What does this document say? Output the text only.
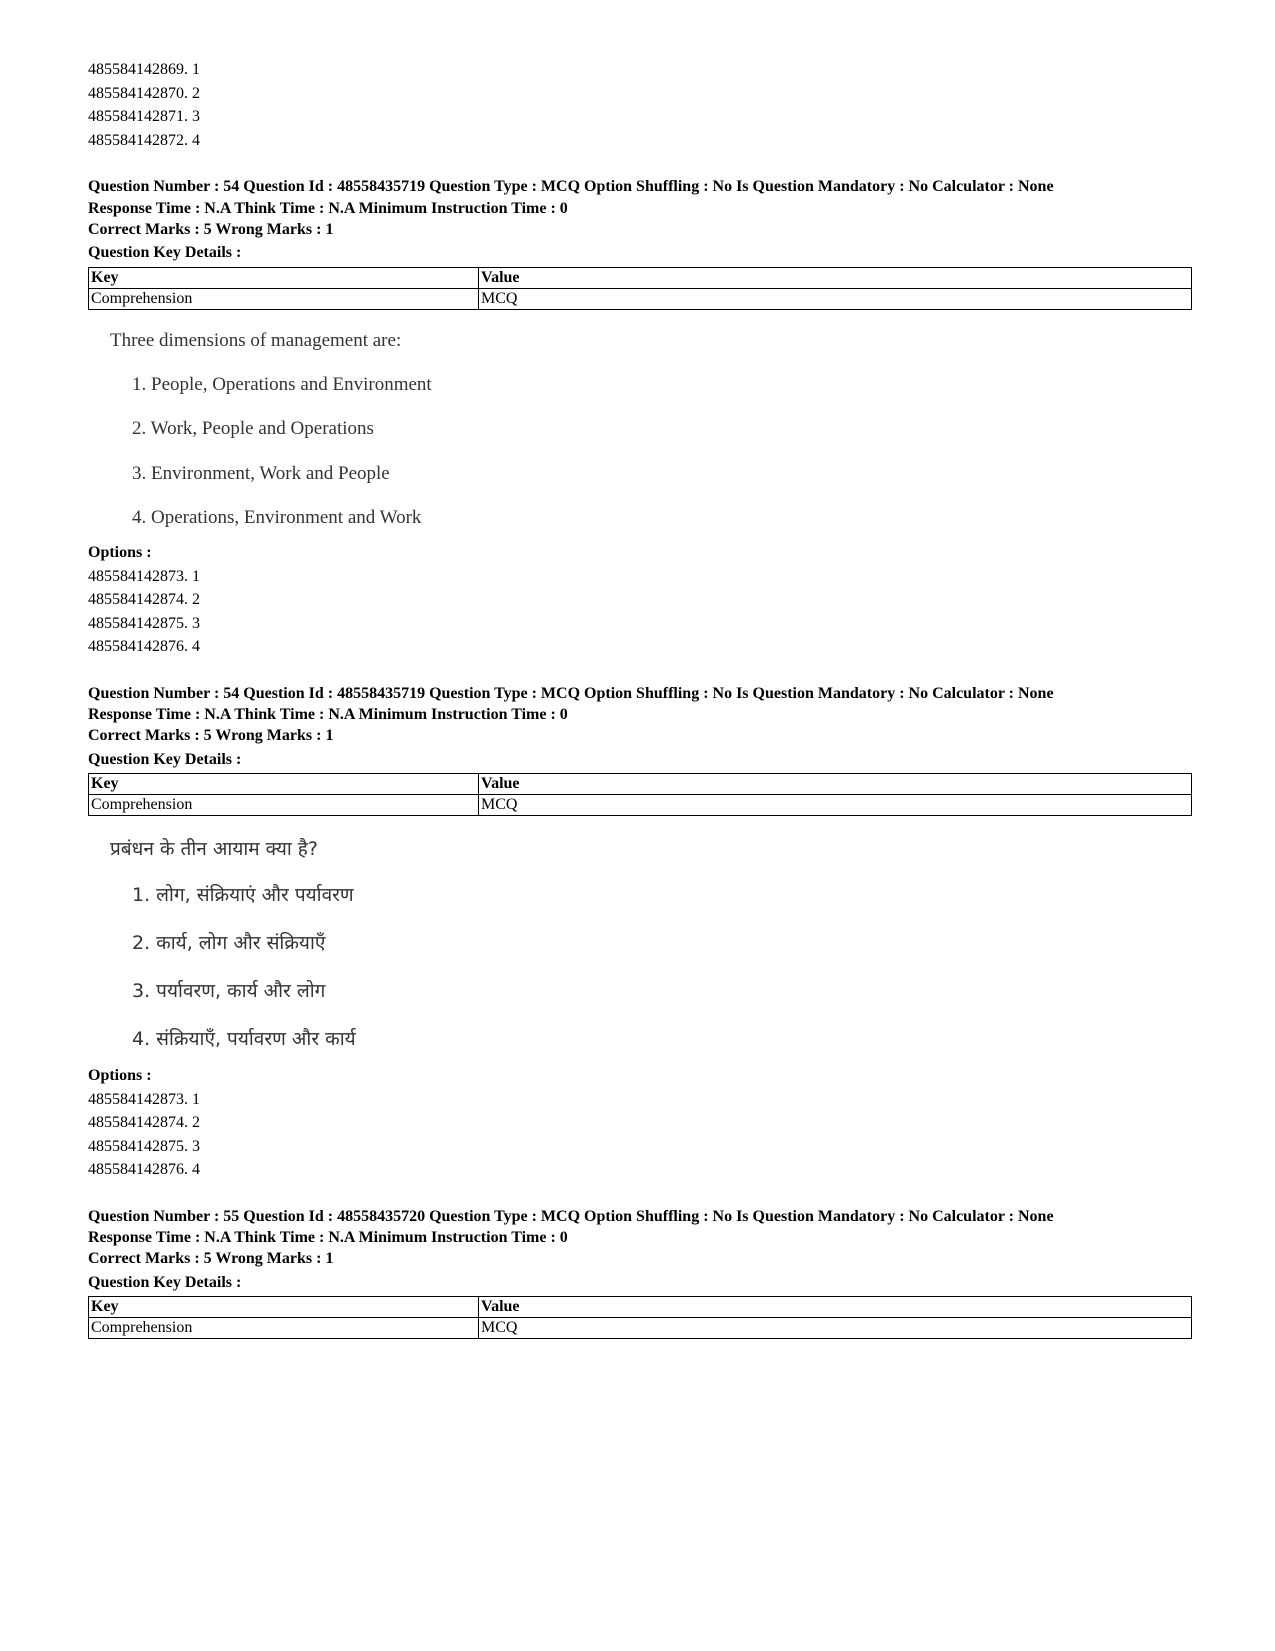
485584142869. 1
485584142870. 2
485584142871. 3
485584142872. 4
Question Number : 54 Question Id : 48558435719 Question Type : MCQ Option Shuffling : No Is Question Mandatory : No Calculator : None
Response Time : N.A Think Time : N.A Minimum Instruction Time : 0
Correct Marks : 5 Wrong Marks : 1
Question Key Details :
Key	Value
Comprehension	MCQ
Three dimensions of management are:
1. People, Operations and Environment
2. Work, People and Operations
3. Environment, Work and People
4. Operations, Environment and Work
Options :
485584142873. 1
485584142874. 2
485584142875. 3
485584142876. 4
Question Number : 54 Question Id : 48558435719 Question Type : MCQ Option Shuffling : No Is Question Mandatory : No Calculator : None
Response Time : N.A Think Time : N.A Minimum Instruction Time : 0
Correct Marks : 5 Wrong Marks : 1
Question Key Details :
Key	Value
Comprehension	MCQ
प्रबंधन के तीन आयाम क्या है?
1. लोग, संक्रियाएं और पर्यावरण
2. कार्य, लोग और संक्रियाएँ
3. पर्यावरण, कार्य और लोग
4. संक्रियाएँ, पर्यावरण और कार्य
Options :
485584142873. 1
485584142874. 2
485584142875. 3
485584142876. 4
Question Number : 55 Question Id : 48558435720 Question Type : MCQ Option Shuffling : No Is Question Mandatory : No Calculator : None
Response Time : N.A Think Time : N.A Minimum Instruction Time : 0
Correct Marks : 5 Wrong Marks : 1
Question Key Details :
Key	Value
Comprehension	MCQ
